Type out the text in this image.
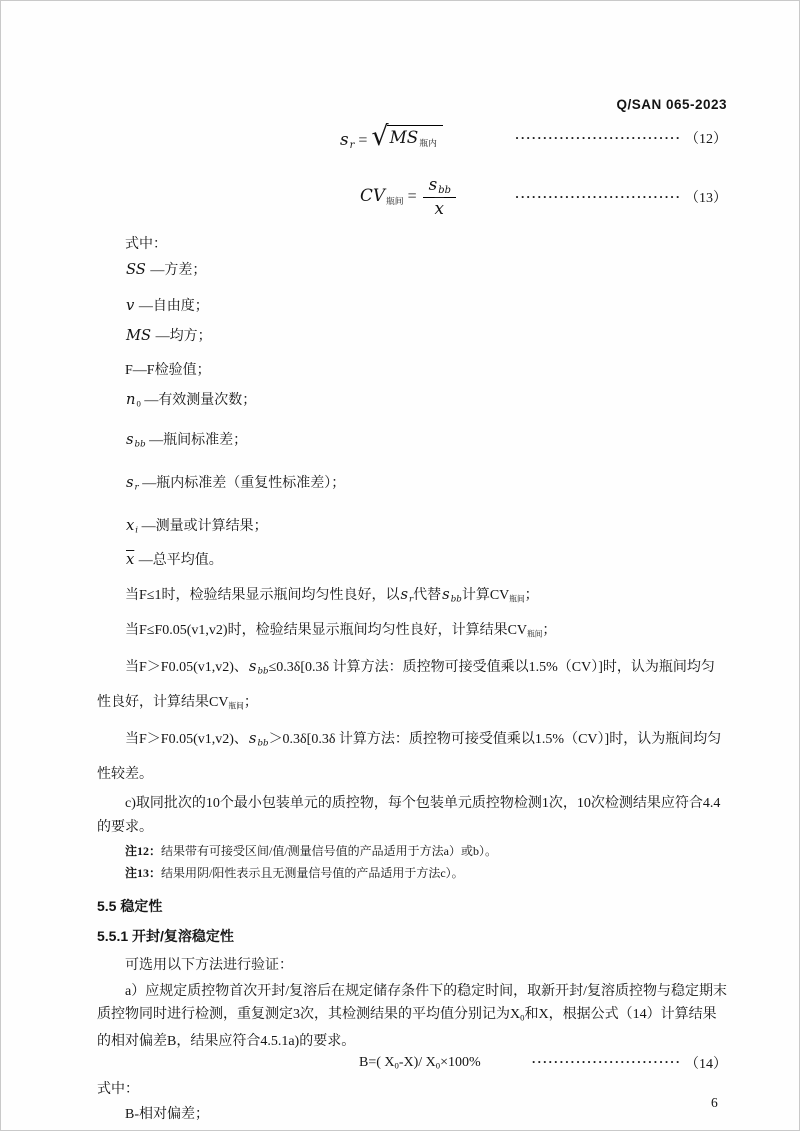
Q/SAN 065-2023
sr = √ MS瓶内	······························ （12）
CV瓶间 = $\frac{\text{sbb}}{x}$	······························ （13）
式中：
SS —方差；
v —自由度；
MS —均方；
F—F检验值；
n0 —有效测量次数；
sbb —瓶间标准差；
sr —瓶内标准差（重复性标准差）；
xi —测量或计算结果；
$\overline{x}$ —总平均值。
当F≤1时，检验结果显示瓶间均匀性良好，以sr代替sbb计算CV瓶间；
当F≤F0.05(v1,v2)时，检验结果显示瓶间均匀性良好，计算结果CV瓶间；
当F＞F0.05(v1,v2)、sbb≤0.3δ[0.3δ 计算方法：质控物可接受值乘以1.5%（CV）]时，认为瓶间均匀性良好，计算结果CV瓶间；
当F＞F0.05(v1,v2)、sbb＞0.3δ[0.3δ 计算方法：质控物可接受值乘以1.5%（CV）]时，认为瓶间均匀性较差。
c)取同批次的10个最小包装单元的质控物，每个包装单元质控物检测1次，10次检测结果应符合4.4的要求。
注12：结果带有可接受区间/值/测量信号值的产品适用于方法a）或b）。
注13：结果用阴/阳性表示且无测量信号值的产品适用于方法c）。
5.5 稳定性
5.5.1 开封/复溶稳定性
可选用以下方法进行验证：
a）应规定质控物首次开封/复溶后在规定储存条件下的稳定时间，取新开封/复溶质控物与稳定期末质控物同时进行检测，重复测定3次，其检测结果的平均值分别记为X0和X，根据公式（14）计算结果的相对偏差B，结果应符合4.5.1a)的要求。
B=( X0-X)/ X0×100%	··························· （14）
式中：
B-相对偏差；
6
